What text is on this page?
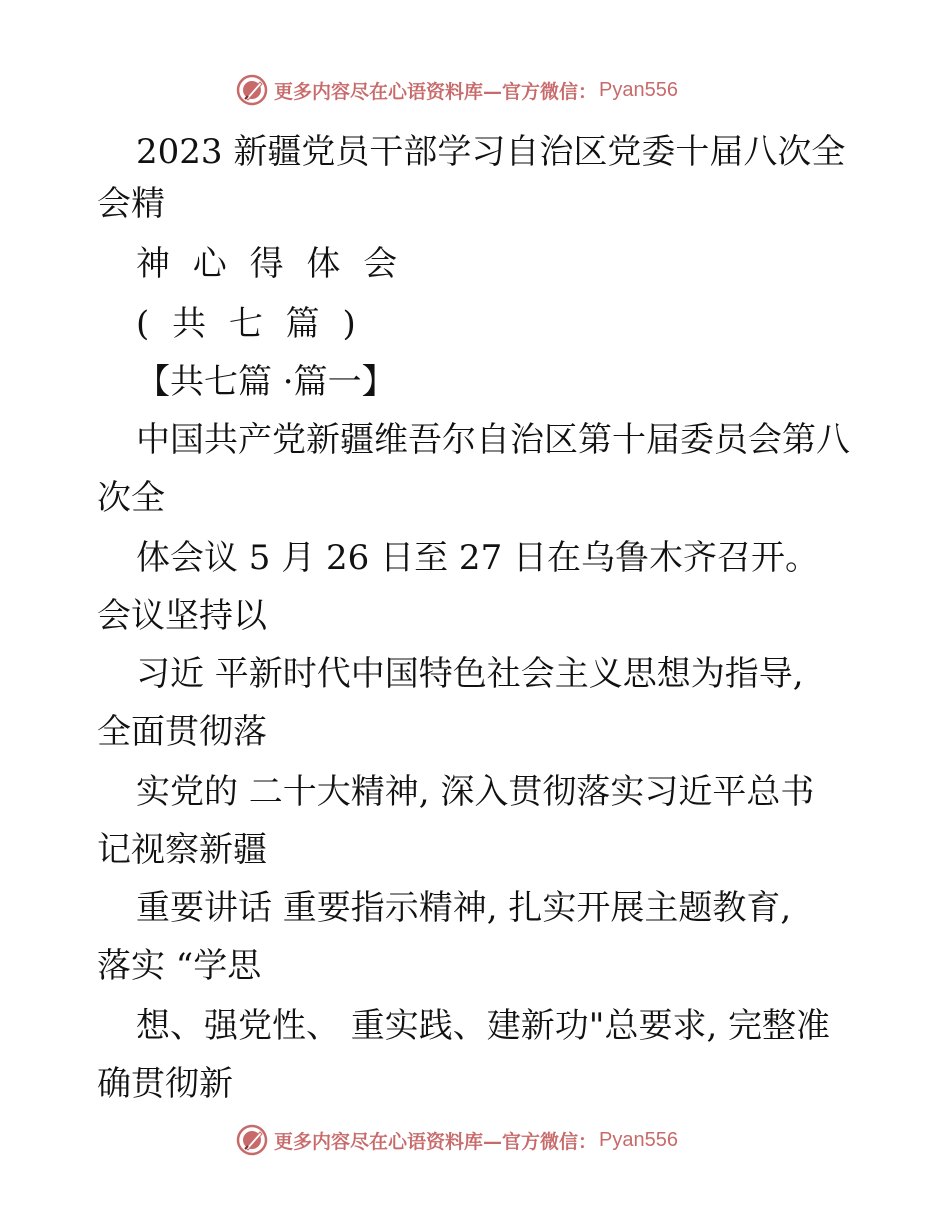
更多内容尽在心语资料库—官方微信： Pyan556
2023 新疆党员干部学习自治区党委十届八次全
会精
神 心 得 体 会
( 共 七 篇 )
【共七篇 ·篇一】
中国共产党新疆维吾尔自治区第十届委员会第八
次全
体会议 5 月 26 日至 27 日在乌鲁木齐召开。
会议坚持以
习近 平新时代中国特色社会主义思想为指导,
全面贯彻落
实党的 二十大精神, 深入贯彻落实习近平总书
记视察新疆
重要讲话 重要指示精神, 扎实开展主题教育,
落实 “学思
想、强党性、 重实践、建新功"总要求, 完整准
确贯彻新
更多内容尽在心语资料库—官方微信： Pyan556
